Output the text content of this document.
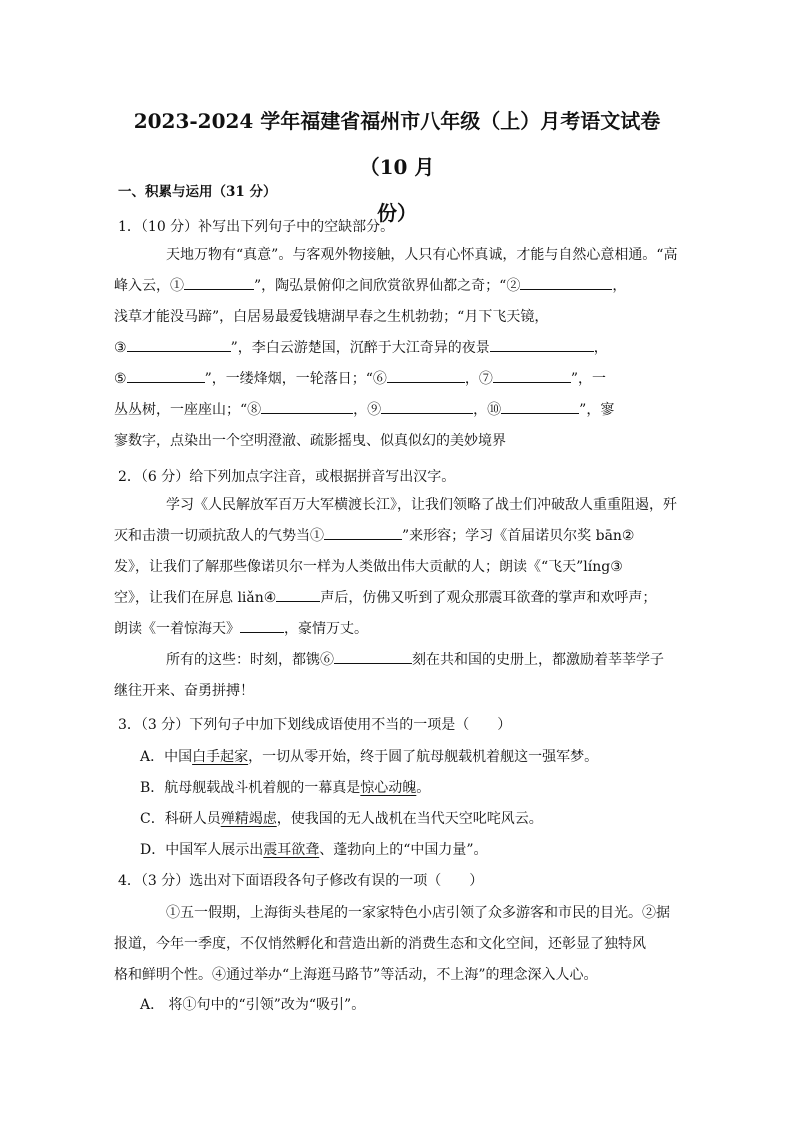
2023-2024 学年福建省福州市八年级（上）月考语文试卷（10 月
份）
一、积累与运用（31 分）
1．（10 分）补写出下列句子中的空缺部分。
天地万物有“真意”。与客观外物接触，人只有心怀真诚，才能与自然心意相通。“高
峰入云，①	”，陶弘景俯仰之间欣赏欲界仙都之奇；“②	，
浅草才能没马蹄”，白居易最爱钱塘湖早春之生机勃勃；“月下飞天镜，
③	”，李白云游楚国，沉醉于大江奇异的夜景	，
⑤	”，一缕烽烟，一轮落日；“⑥	，⑦	”，一
丛丛树，一座座山；“⑧	，⑨	，⑩	”，寥
寥数字，点染出一个空明澄澈、疏影摇曳、似真似幻的美妙境界
2．（6 分）给下列加点字注音，或根据拼音写出汉字。
学习《人民解放军百万大军横渡长江》，让我们领略了战士们冲破敌人重重阻遏，歼
灭和击溃一切顽抗敌人的气势当①	”来形容；学习《首届诺贝尔奖 bān②
发》，让我们了解那些像诺贝尔一样为人类做出伟大贡献的人；朗读《“飞天”líng③
空》，让我们在屏息 liǎn④	声后，仿佛又听到了观众那震耳欲聋的掌声和欢呼声；
朗读《一着惊海天》	，豪情万丈。
所有的这些：时刻，都镌⑥	刻在共和国的史册上，都激励着莘莘学子
继往开来、奋勇拼搏！
3．（3 分）下列句子中加下划线成语使用不当的一项是（　　）
A．中国白手起家，一切从零开始，终于圆了航母舰载机着舰这一强军梦。
B．航母舰载战斗机着舰的一幕真是惊心动魄。
C．科研人员殚精竭虑，使我国的无人战机在当代天空叱咤风云。
D．中国军人展示出震耳欲聋、蓬勃向上的“中国力量”。
4．（3 分）选出对下面语段各句子修改有误的一项（　　）
①五一假期，上海街头巷尾的一家家特色小店引领了众多游客和市民的目光。②据
报道，今年一季度，不仅悄然孵化和营造出新的消费生态和文化空间，还彰显了独特风
格和鲜明个性。④通过举办“上海逛马路节”等活动，不上海”的理念深入人心。
A． 将①句中的“引领”改为“吸引”。
